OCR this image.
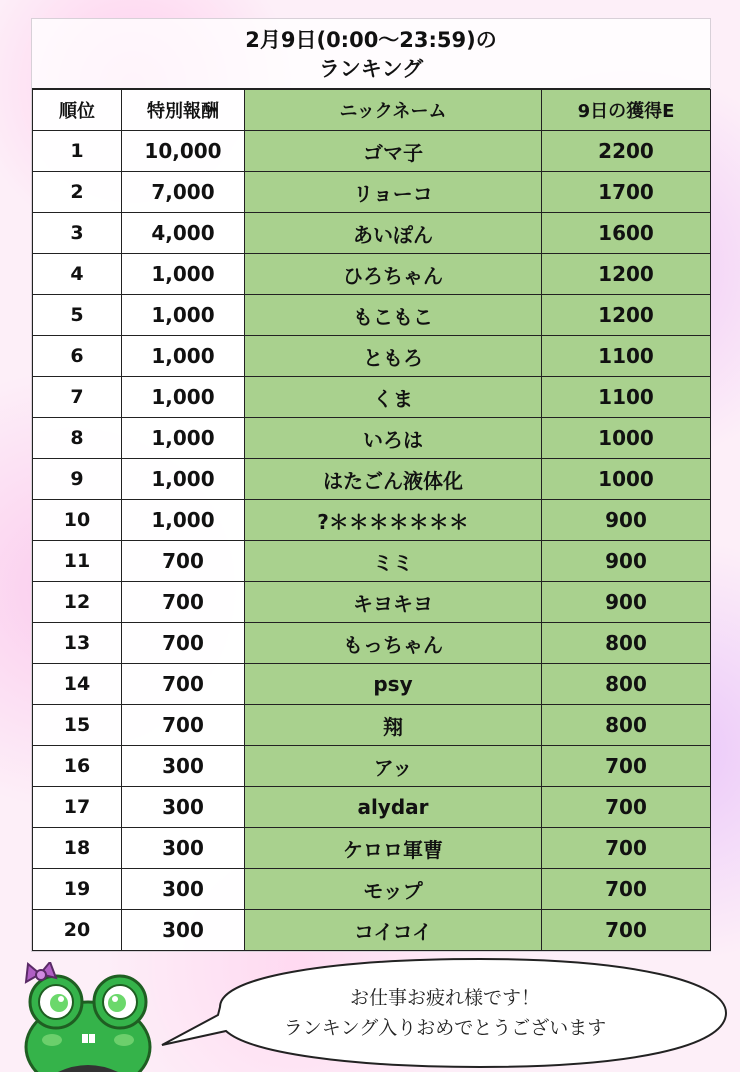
2月9日(0:00〜23:59)の
ランキング
順位	特別報酬	ニックネーム	9日の獲得E
1	10,000	ゴマ子	2200
2	7,000	リョーコ	1700
3	4,000	あいぽん	1600
4	1,000	ひろちゃん	1200
5	1,000	もこもこ	1200
6	1,000	ともろ	1100
7	1,000	くま	1100
8	1,000	いろは	1000
9	1,000	はたごん液体化	1000
10	1,000	?＊＊＊＊＊＊＊	900
11	700	ミミ	900
12	700	キヨキヨ	900
13	700	もっちゃん	800
14	700	psy	800
15	700	翔	800
16	300	アッ	700
17	300	alydar	700
18	300	ケロロ軍曹	700
19	300	モップ	700
20	300	コイコイ	700
お仕事お疲れ様です！
ランキング入りおめでとうございます
